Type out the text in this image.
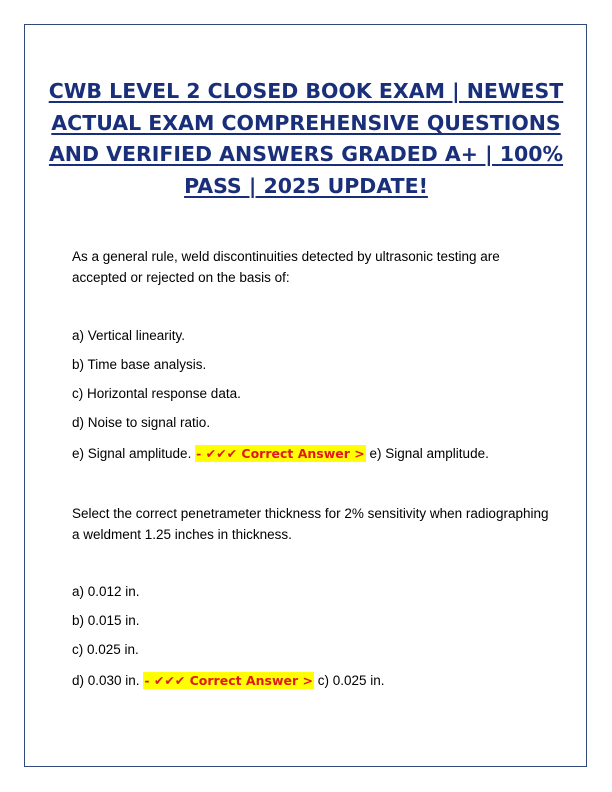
CWB LEVEL 2 CLOSED BOOK EXAM | NEWEST ACTUAL EXAM COMPREHENSIVE QUESTIONS AND VERIFIED ANSWERS GRADED A+ | 100% PASS | 2025 UPDATE!

As a general rule, weld discontinuities detected by ultrasonic testing are accepted or rejected on the basis of:

a) Vertical linearity.

b) Time base analysis.

c) Horizontal response data.

d) Noise to signal ratio.

e) Signal amplitude. - ✔✔✔ Correct Answer > e) Signal amplitude.

Select the correct penetrameter thickness for 2% sensitivity when radiographing a weldment 1.25 inches in thickness.

a) 0.012 in.

b) 0.015 in.

c) 0.025 in.

d) 0.030 in. - ✔✔✔ Correct Answer > c) 0.025 in.
